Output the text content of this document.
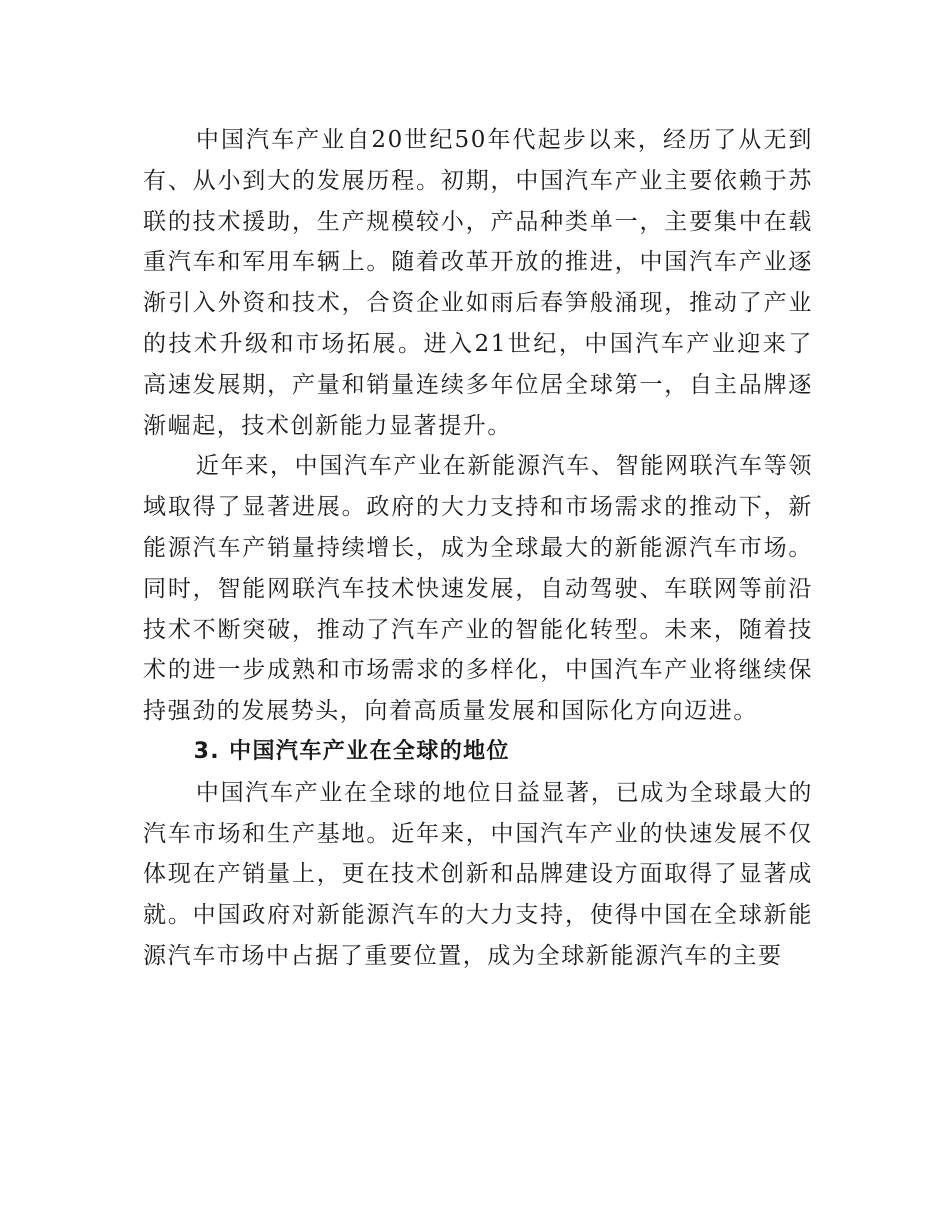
中国汽车产业自20世纪50年代起步以来，经历了从无到有、从小到大的发展历程。初期，中国汽车产业主要依赖于苏联的技术援助，生产规模较小，产品种类单一，主要集中在载重汽车和军用车辆上。随着改革开放的推进，中国汽车产业逐渐引入外资和技术，合资企业如雨后春笋般涌现，推动了产业的技术升级和市场拓展。进入21世纪，中国汽车产业迎来了高速发展期，产量和销量连续多年位居全球第一，自主品牌逐渐崛起，技术创新能力显著提升。

近年来，中国汽车产业在新能源汽车、智能网联汽车等领域取得了显著进展。政府的大力支持和市场需求的推动下，新能源汽车产销量持续增长，成为全球最大的新能源汽车市场。同时，智能网联汽车技术快速发展，自动驾驶、车联网等前沿技术不断突破，推动了汽车产业的智能化转型。未来，随着技术的进一步成熟和市场需求的多样化，中国汽车产业将继续保持强劲的发展势头，向着高质量发展和国际化方向迈进。

3. 中国汽车产业在全球的地位

中国汽车产业在全球的地位日益显著，已成为全球最大的汽车市场和生产基地。近年来，中国汽车产业的快速发展不仅体现在产销量上，更在技术创新和品牌建设方面取得了显著成就。中国政府对新能源汽车的大力支持，使得中国在全球新能源汽车市场中占据了重要位置，成为全球新能源汽车的主要
